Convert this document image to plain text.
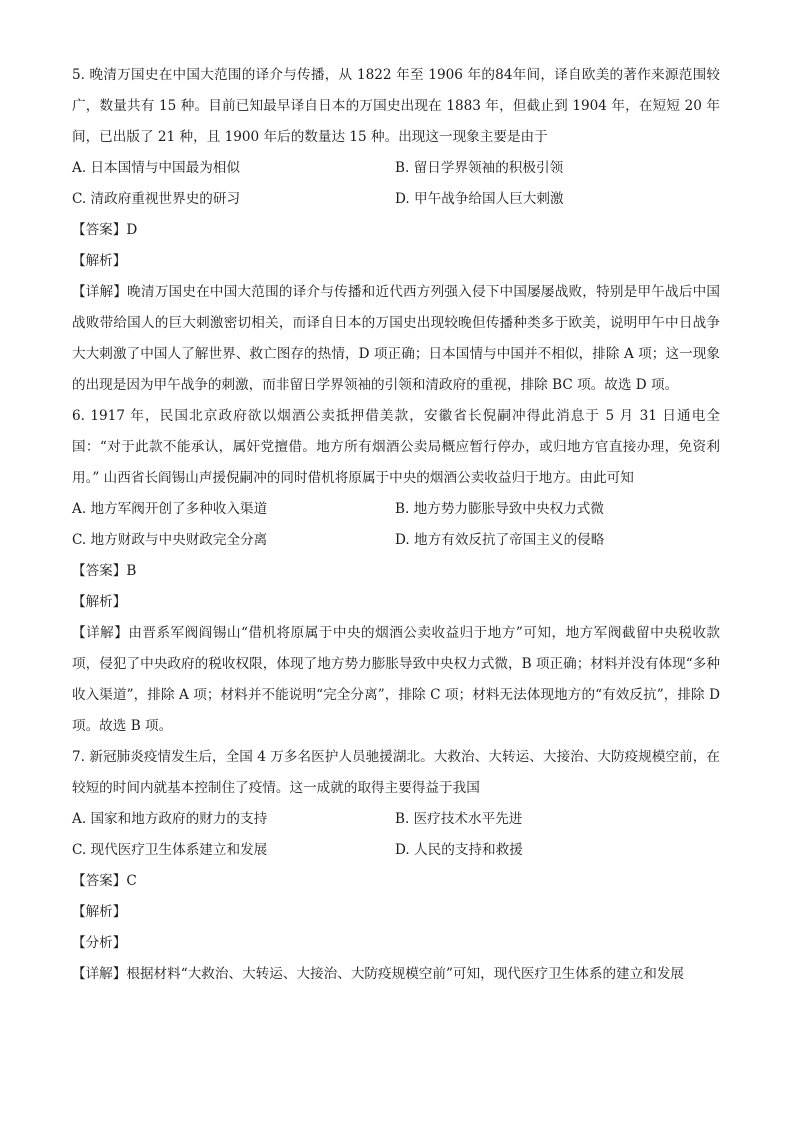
5. 晚清万国史在中国大范围的译介与传播，从 1822 年至 1906 年的84年间，译自欧美的著作来源范围较广，数量共有 15 种。目前已知最早译自日本的万国史出现在 1883 年，但截止到 1904 年，在短短 20 年间，已出版了 21 种，且 1900 年后的数量达 15 种。出现这一现象主要是由于

A. 日本国情与中国最为相似	B. 留日学界领袖的积极引领
C. 清政府重视世界史的研习	D. 甲午战争给国人巨大刺激

【答案】D

【解析】

【详解】晚清万国史在中国大范围的译介与传播和近代西方列强入侵下中国屡屡战败，特别是甲午战后中国战败带给国人的巨大刺激密切相关，而译自日本的万国史出现较晚但传播种类多于欧美，说明甲午中日战争大大刺激了中国人了解世界、救亡图存的热情，D 项正确；日本国情与中国并不相似，排除 A 项；这一现象的出现是因为甲午战争的刺激，而非留日学界领袖的引领和清政府的重视，排除 BC 项。故选 D 项。

6. 1917 年，民国北京政府欲以烟酒公卖抵押借美款，安徽省长倪嗣冲得此消息于 5 月 31 日通电全国：“对于此款不能承认，属奸党擅借。地方所有烟酒公卖局概应暂行停办，或归地方官直接办理，免资利用。” 山西省长阎锡山声援倪嗣冲的同时借机将原属于中央的烟酒公卖收益归于地方。由此可知

A. 地方军阀开创了多种收入渠道	B. 地方势力膨胀导致中央权力式微
C. 地方财政与中央财政完全分离	D. 地方有效反抗了帝国主义的侵略

【答案】B

【解析】

【详解】由晋系军阀阎锡山“借机将原属于中央的烟酒公卖收益归于地方”可知，地方军阀截留中央税收款项，侵犯了中央政府的税收权限，体现了地方势力膨胀导致中央权力式微，B 项正确；材料并没有体现“多种收入渠道”，排除 A 项；材料并不能说明“完全分离”，排除 C 项；材料无法体现地方的“有效反抗”，排除 D 项。故选 B 项。

7. 新冠肺炎疫情发生后，全国 4 万多名医护人员驰援湖北。大救治、大转运、大接治、大防疫规模空前，在较短的时间内就基本控制住了疫情。这一成就的取得主要得益于我国

A. 国家和地方政府的财力的支持	B. 医疗技术水平先进
C. 现代医疗卫生体系建立和发展	D. 人民的支持和救援

【答案】C

【解析】

【分析】

【详解】根据材料“大救治、大转运、大接治、大防疫规模空前”可知，现代医疗卫生体系的建立和发展
